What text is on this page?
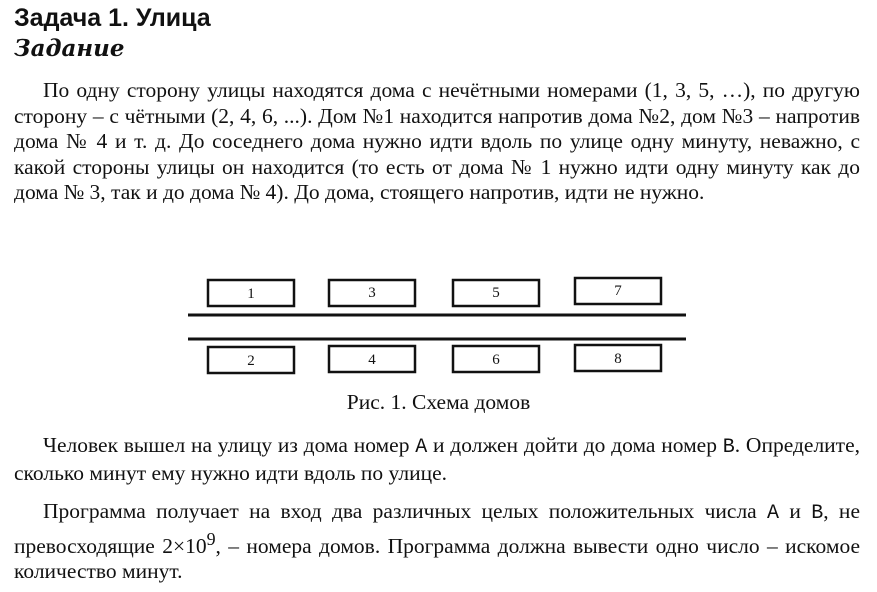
Задача 1. Улица
Задание

По одну сторону улицы находятся дома с нечётными номерами (1, 3, 5, …), по другую сторону – с чётными (2, 4, 6, ...). Дом №1 находится напротив дома №2, дом №3 – напротив дома № 4 и т. д. До соседнего дома нужно идти вдоль по улице одну минуту, неважно, с какой стороны улицы он находится (то есть от дома № 1 нужно идти одну минуту как до дома № 3, так и до дома № 4). До дома, стоящего напротив, идти не нужно.

1	3	5	7
2	4	6	8
Рис. 1. Схема домов

Человек вышел на улицу из дома номер A и должен дойти до дома номер B. Определите, сколько минут ему нужно идти вдоль по улице.

Программа получает на вход два различных целых положительных числа A и B, не превосходящие $2\times 10^9$, – номера домов. Программа должна вывести одно число – искомое количество минут.
